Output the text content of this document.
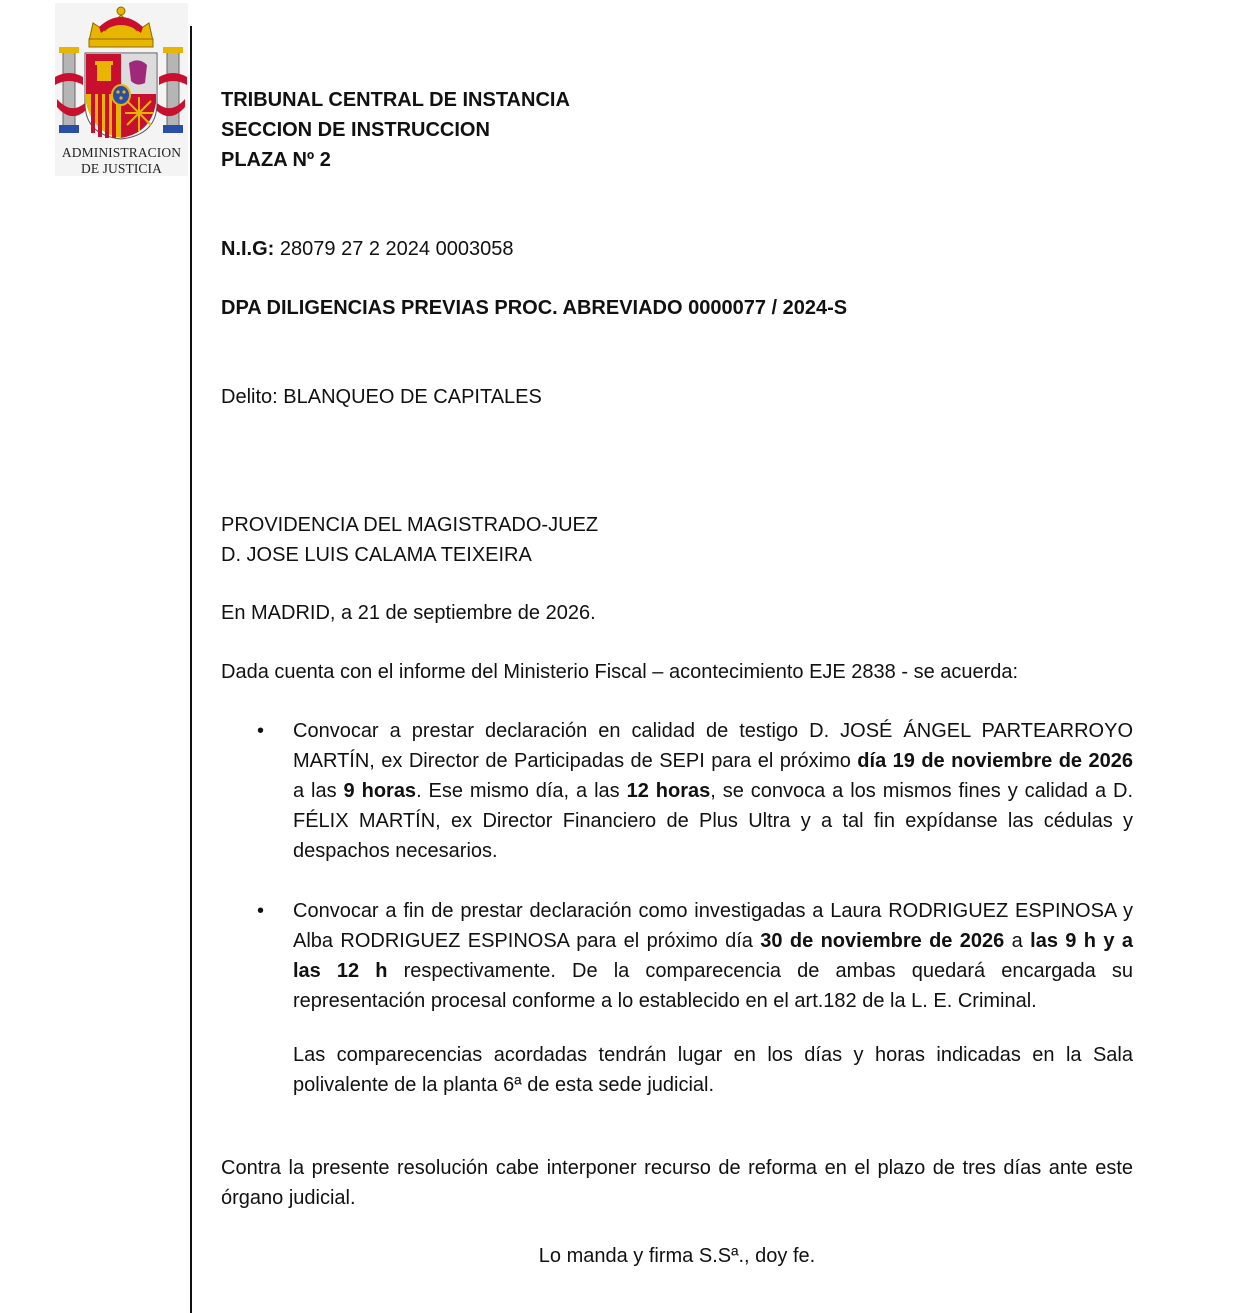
ADMINISTRACION
DE JUSTICIA
TRIBUNAL CENTRAL DE INSTANCIA
SECCION DE INSTRUCCION
PLAZA Nº 2
N.I.G: 28079 27 2 2024 0003058
DPA DILIGENCIAS PREVIAS PROC. ABREVIADO 0000077 / 2024-S
Delito: BLANQUEO DE CAPITALES
PROVIDENCIA DEL MAGISTRADO-JUEZ
D. JOSE LUIS CALAMA TEIXEIRA
En MADRID, a 21 de septiembre de 2026.
Dada cuenta con el informe del Ministerio Fiscal – acontecimiento EJE 2838 - se acuerda:
• Convocar a prestar declaración en calidad de testigo D. JOSÉ ÁNGEL PARTEARROYO MARTÍN, ex Director de Participadas de SEPI para el próximo día 19 de noviembre de 2026 a las 9 horas. Ese mismo día, a las 12 horas, se convoca a los mismos fines y calidad a D. FÉLIX MARTÍN, ex Director Financiero de Plus Ultra y a tal fin expídanse las cédulas y despachos necesarios.
• Convocar a fin de prestar declaración como investigadas a Laura RODRIGUEZ ESPINOSA y Alba RODRIGUEZ ESPINOSA para el próximo día 30 de noviembre de 2026 a las 9 h y a las 12 h respectivamente. De la comparecencia de ambas quedará encargada su representación procesal conforme a lo establecido en el art.182 de la L. E. Criminal.
Las comparecencias acordadas tendrán lugar en los días y horas indicadas en la Sala polivalente de la planta 6ª de esta sede judicial.
Contra la presente resolución cabe interponer recurso de reforma en el plazo de tres días ante este órgano judicial.
Lo manda y firma S.Sª., doy fe.
